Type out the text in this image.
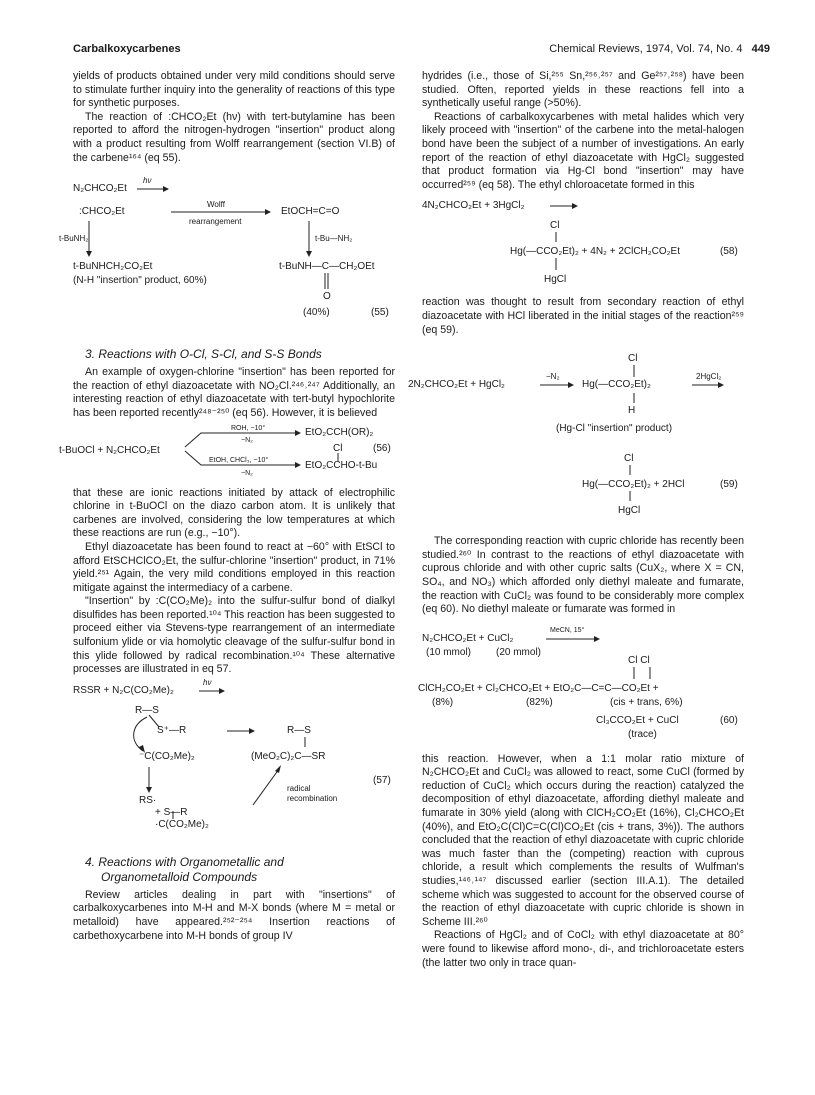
Carbalkoxycarbenes	Chemical Reviews, 1974, Vol. 74, No. 4 449

yields of products obtained under very mild conditions should serve to stimulate further inquiry into the generality of reactions of this type for synthetic purposes.

The reaction of :CHCO₂Et (hν) with tert-butylamine has been reported to afford the nitrogen-hydrogen "insertion" product along with a product resulting from Wolff rearrangement (section VI.B) of the carbene¹⁶⁴ (eq 55).

N₂CHCO₂Et
hν
:CHCO₂Et
Wolff
rearrangement
EtOCH=C=O
t-BuNH₂	t-Bu—NH₂
t-BuNHCH₂CO₂Et
(N-H "insertion" product, 60%)
t-BuNH—C—CH₂OEt
O
(40%)	(55)

3. Reactions with O-Cl, S-Cl, and S-S Bonds

An example of oxygen-chlorine "insertion" has been reported for the reaction of ethyl diazoacetate with NO₂Cl.²⁴⁶˒²⁴⁷ Additionally, an interesting reaction of ethyl diazoacetate with tert-butyl hypochlorite has been reported recently²⁴⁸⁻²⁵⁰ (eq 56). However, it is believed

t-BuOCl + N₂CHCO₂Et
ROH, −10°
−N₂
EtO₂CCH(OR)₂
EtOH, CHCl₃, −10°
−N₂
Cl
EtO₂CCHO-t-Bu
(56)

that these are ionic reactions initiated by attack of electrophilic chlorine in t-BuOCl on the diazo carbon atom. It is unlikely that carbenes are involved, considering the low temperatures at which these reactions are run (e.g., −10°).

Ethyl diazoacetate has been found to react at −60° with EtSCl to afford EtSCHClCO₂Et, the sulfur-chlorine "insertion" product, in 71% yield.²⁵¹ Again, the very mild conditions employed in this reaction mitigate against the intermediacy of a carbene.

"Insertion" by :C(CO₂Me)₂ into the sulfur-sulfur bond of dialkyl disulfides has been reported.¹⁰⁴ This reaction has been suggested to proceed either via Stevens-type rearrangement of an intermediate sulfonium ylide or via homolytic cleavage of the sulfur-sulfur bond in this ylide followed by radical recombination.¹⁰⁴ These alternative processes are illustrated in eq 57.

RSSR + N₂C(CO₂Me)₂
hν
R—S
S⁺—R
⁻C(CO₂Me)₂
R—S
(MeO₂C)₂C—SR
RS·
+ S—R
radical
recombination
(57)
·C(CO₂Me)₂

4. Reactions with Organometallic and

Organometalloid Compounds

Review articles dealing in part with "insertions" of carbalkoxycarbenes into M-H and M-X bonds (where M = metal or metalloid) have appeared.²⁵²⁻²⁵⁴ Insertion reactions of carbethoxycarbene into M-H bonds of group IV

hydrides (i.e., those of Si,²⁵⁵ Sn,²⁵⁶˒²⁵⁷ and Ge²⁵⁷˒²⁵⁸) have been studied. Often, reported yields in these reactions fell into a synthetically useful range (>50%).

Reactions of carbalkoxycarbenes with metal halides which very likely proceed with "insertion" of the carbene into the metal-halogen bond have been the subject of a number of investigations. An early report of the reaction of ethyl diazoacetate with HgCl₂ suggested that product formation via Hg-Cl bond "insertion" may have occurred²⁵⁹ (eq 58). The ethyl chloroacetate formed in this

4N₂CHCO₂Et + 3HgCl₂
Cl
Hg(—CCO₂Et)₂ + 4N₂ + 2ClCH₂CO₂Et
HgCl
(58)

reaction was thought to result from secondary reaction of ethyl diazoacetate with HCl liberated in the initial stages of the reaction²⁵⁹ (eq 59).

2N₂CHCO₂Et + HgCl₂
−N₂
Cl
Hg(—CCO₂Et)₂
2HgCl₂
H
(Hg-Cl "insertion" product)
Cl
Hg(—CCO₂Et)₂ + 2HCl
HgCl
(59)

The corresponding reaction with cupric chloride has recently been studied.²⁶⁰ In contrast to the reactions of ethyl diazoacetate with cuprous chloride and with other cupric salts (CuX₂, where X = CN, SO₄, and NO₃) which afforded only diethyl maleate and fumarate, the reaction with CuCl₂ was found to be considerably more complex (eq 60). No diethyl maleate or fumarate was formed in

N₂CHCO₂Et + CuCl₂
MeCN, 15°
(10 mmol) (20 mmol)
Cl Cl
ClCH₂CO₂Et + Cl₂CHCO₂Et + EtO₂C—C=C—CO₂Et +
(8%)	(82%)	(cis + trans, 6%)
Cl₃CCO₂Et + CuCl
(trace)
(60)

this reaction. However, when a 1:1 molar ratio mixture of N₂CHCO₂Et and CuCl₂ was allowed to react, some CuCl (formed by reduction of CuCl₂ which occurs during the reaction) catalyzed the decomposition of ethyl diazoacetate, affording diethyl maleate and fumarate in 30% yield (along with ClCH₂CO₂Et (16%), Cl₂CHCO₂Et (40%), and EtO₂C(Cl)C=C(Cl)CO₂Et (cis + trans, 3%)). The authors concluded that the reaction of ethyl diazoacetate with cupric chloride was much faster than the (competing) reaction with cuprous chloride, a result which complements the results of Wulfman's studies,¹⁴⁶˒¹⁴⁷ discussed earlier (section III.A.1). The detailed scheme which was suggested to account for the observed course of the reaction of ethyl diazoacetate with cupric chloride is shown in Scheme III.²⁶⁰

Reactions of HgCl₂ and of CoCl₂ with ethyl diazoacetate at 80° were found to likewise afford mono-, di-, and trichloroacetate esters (the latter two only in trace quan-
